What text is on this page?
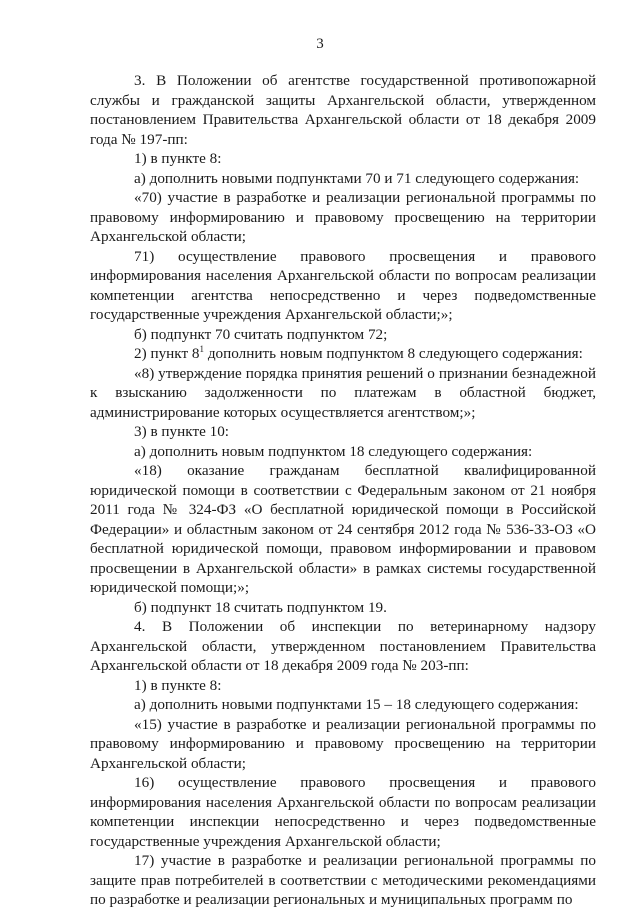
3

3. В Положении об агентстве государственной противопожарной службы и гражданской защиты Архангельской области, утвержденном постановлением Правительства Архангельской области от 18 декабря 2009 года № 197-пп:

1) в пункте 8:

а) дополнить новыми подпунктами 70 и 71 следующего содержания:

«70) участие в разработке и реализации региональной программы по правовому информированию и правовому просвещению на территории Архангельской области;

71) осуществление правового просвещения и правового информирования населения Архангельской области по вопросам реализации компетенции агентства непосредственно и через подведомственные государственные учреждения Архангельской области;»;

б) подпункт 70 считать подпунктом 72;

2) пункт $8^1$ дополнить новым подпунктом 8 следующего содержания:

«8) утверждение порядка принятия решений о признании безнадежной к взысканию задолженности по платежам в областной бюджет, администрирование которых осуществляется агентством;»;

3) в пункте 10:

а) дополнить новым подпунктом 18 следующего содержания:

«18) оказание гражданам бесплатной квалифицированной юридической помощи в соответствии с Федеральным законом от 21 ноября 2011 года № 324-ФЗ «О бесплатной юридической помощи в Российской Федерации» и областным законом от 24 сентября 2012 года № 536-33-ОЗ «О бесплатной юридической помощи, правовом информировании и правовом просвещении в Архангельской области» в рамках системы государственной юридической помощи;»;

б) подпункт 18 считать подпунктом 19.

4. В Положении об инспекции по ветеринарному надзору Архангельской области, утвержденном постановлением Правительства Архангельской области от 18 декабря 2009 года № 203-пп:

1) в пункте 8:

а) дополнить новыми подпунктами 15 – 18 следующего содержания:

«15) участие в разработке и реализации региональной программы по правовому информированию и правовому просвещению на территории Архангельской области;

16) осуществление правового просвещения и правового информирования населения Архангельской области по вопросам реализации компетенции инспекции непосредственно и через подведомственные государственные учреждения Архангельской области;

17) участие в разработке и реализации региональной программы по защите прав потребителей в соответствии с методическими рекомендациями по разработке и реализации региональных и муниципальных программ по
